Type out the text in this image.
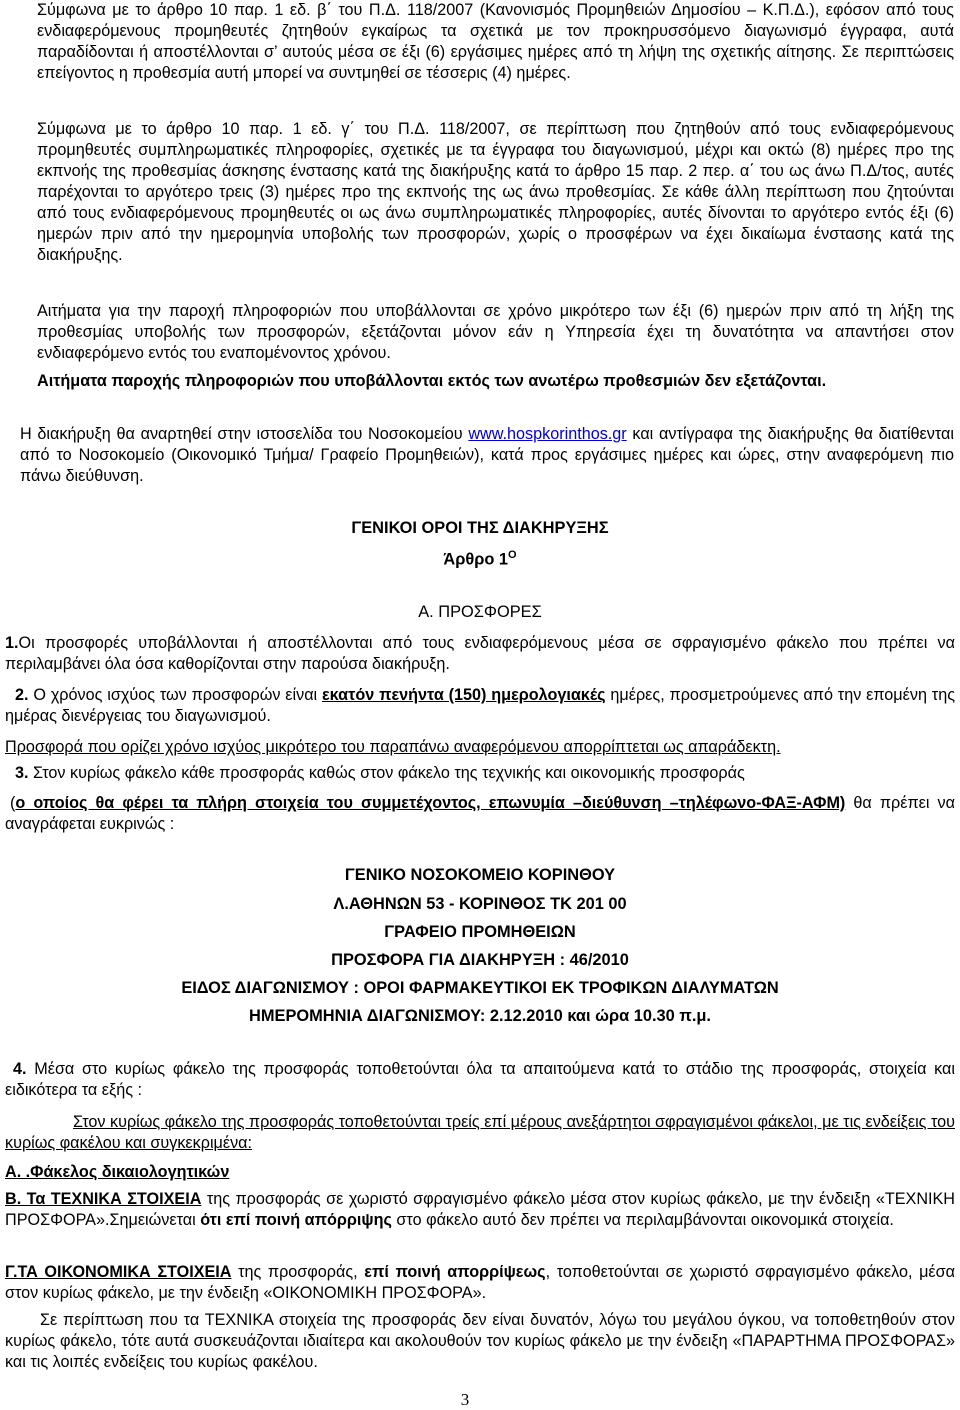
Σύμφωνα με το άρθρο 10 παρ. 1 εδ. β΄ του Π.Δ. 118/2007 (Κανονισμός Προμηθειών Δημοσίου – Κ.Π.Δ.), εφόσον από τους ενδιαφερόμενους προμηθευτές ζητηθούν εγκαίρως τα σχετικά με τον προκηρυσσόμενο διαγωνισμό έγγραφα, αυτά παραδίδονται ή αποστέλλονται σ’ αυτούς μέσα σε έξι (6) εργάσιμες ημέρες από τη λήψη της σχετικής αίτησης. Σε περιπτώσεις επείγοντος η προθεσμία αυτή μπορεί να συντμηθεί σε τέσσερις (4) ημέρες.

Σύμφωνα με το άρθρο 10 παρ. 1 εδ. γ΄ του Π.Δ. 118/2007, σε περίπτωση που ζητηθούν από τους ενδιαφερόμενους προμηθευτές συμπληρωματικές πληροφορίες, σχετικές με τα έγγραφα του διαγωνισμού, μέχρι και οκτώ (8) ημέρες προ της εκπνοής της προθεσμίας άσκησης ένστασης κατά της διακήρυξης κατά το άρθρο 15 παρ. 2 περ. α΄ του ως άνω Π.Δ/τος, αυτές παρέχονται το αργότερο τρεις (3) ημέρες προ της εκπνοής της ως άνω προθεσμίας. Σε κάθε άλλη περίπτωση που ζητούνται από τους ενδιαφερόμενους προμηθευτές οι ως άνω συμπληρωματικές πληροφορίες, αυτές δίνονται το αργότερο εντός έξι (6) ημερών πριν από την ημερομηνία υποβολής των προσφορών, χωρίς ο προσφέρων να έχει δικαίωμα ένστασης κατά της διακήρυξης.

Αιτήματα για την παροχή πληροφοριών που υποβάλλονται σε χρόνο μικρότερο των έξι (6) ημερών πριν από τη λήξη της προθεσμίας υποβολής των προσφορών, εξετάζονται μόνον εάν η Υπηρεσία έχει τη δυνατότητα να απαντήσει στον ενδιαφερόμενο εντός του εναπομένοντος χρόνου.

Αιτήματα παροχής πληροφοριών που υποβάλλονται εκτός των ανωτέρω προθεσμιών δεν εξετάζονται.

Η διακήρυξη θα αναρτηθεί στην ιστοσελίδα του Νοσοκομείου www.hospkorinthos.gr και αντίγραφα της διακήρυξης θα διατίθενται από το Νοσοκομείο (Οικονομικό Τμήμα/ Γραφείο Προμηθειών), κατά προς εργάσιμες ημέρες και ώρες, στην αναφερόμενη πιο πάνω διεύθυνση.

ΓΕΝΙΚΟΙ ΟΡΟΙ ΤΗΣ ΔΙΑΚΗΡΥΞΗΣ

Άρθρο $1^O$

Α. ΠΡΟΣΦΟΡΕΣ

1.Οι προσφορές υποβάλλονται ή αποστέλλονται από τους ενδιαφερόμενους μέσα σε σφραγισμένο φάκελο που πρέπει να περιλαμβάνει όλα όσα καθορίζονται στην παρούσα διακήρυξη.

2. Ο χρόνος ισχύος των προσφορών είναι εκατόν πενήντα (150) ημερολογιακές ημέρες, προσμετρούμενες από την επομένη της ημέρας διενέργειας του διαγωνισμού.

Προσφορά που ορίζει χρόνο ισχύος μικρότερο του παραπάνω αναφερόμενου απορρίπτεται ως απαράδεκτη.

3. Στον κυρίως φάκελο κάθε προσφοράς καθώς στον φάκελο της τεχνικής και οικονομικής προσφοράς

(ο οποίος θα φέρει τα πλήρη στοιχεία του συμμετέχοντος, επωνυμία –διεύθυνση –τηλέφωνο-ΦΑΞ-ΑΦΜ) θα πρέπει να αναγράφεται ευκρινώς :

ΓΕΝΙΚΟ ΝΟΣΟΚΟΜΕΙΟ ΚΟΡΙΝΘΟΥ

Λ.ΑΘΗΝΩΝ 53 - ΚΟΡΙΝΘΟΣ ΤΚ 201 00

ΓΡΑΦΕΙΟ ΠΡΟΜΗΘΕΙΩΝ

ΠΡΟΣΦΟΡΑ ΓΙΑ ΔΙΑΚΗΡΥΞΗ : 46/2010

ΕΙΔΟΣ ΔΙΑΓΩΝΙΣΜΟΥ : ΟΡΟΙ ΦΑΡΜΑΚΕΥΤΙΚΟΙ ΕΚ ΤΡΟΦΙΚΩΝ ΔΙΑΛΥΜΑΤΩΝ

ΗΜΕΡΟΜΗΝΙΑ ΔΙΑΓΩΝΙΣΜΟΥ: 2.12.2010 και ώρα 10.30 π.μ.

4. Μέσα στο κυρίως φάκελο της προσφοράς τοποθετούνται όλα τα απαιτούμενα κατά το στάδιο της προσφοράς, στοιχεία και ειδικότερα τα εξής :

Στον κυρίως φάκελο της προσφοράς τοποθετούνται τρείς επί μέρους ανεξάρτητοι σφραγισμένοι φάκελοι, με τις ενδείξεις του κυρίως φακέλου και συγκεκριμένα:

Α. .Φάκελος δικαιολογητικών

Β. Τα ΤΕΧΝΙΚΑ ΣΤΟΙΧΕΙΑ της προσφοράς σε χωριστό σφραγισμένο φάκελο μέσα στον κυρίως φάκελο, με την ένδειξη «ΤΕΧΝΙΚΗ ΠΡΟΣΦΟΡΑ».Σημειώνεται ότι επί ποινή απόρριψης στο φάκελο αυτό δεν πρέπει να περιλαμβάνονται οικονομικά στοιχεία.

Γ.ΤΑ ΟΙΚΟΝΟΜΙΚΑ ΣΤΟΙΧΕΙΑ της προσφοράς, επί ποινή απορρίψεως, τοποθετούνται σε χωριστό σφραγισμένο φάκελο, μέσα στον κυρίως φάκελο, με την ένδειξη «ΟΙΚΟΝΟΜΙΚΗ ΠΡΟΣΦΟΡΑ».

Σε περίπτωση που τα ΤΕΧΝΙΚΑ στοιχεία της προσφοράς δεν είναι δυνατόν, λόγω του μεγάλου όγκου, να τοποθετηθούν στον κυρίως φάκελο, τότε αυτά συσκευάζονται ιδιαίτερα και ακολουθούν τον κυρίως φάκελο με την ένδειξη «ΠΑΡΑΡΤΗΜΑ ΠΡΟΣΦΟΡΑΣ» και τις λοιπές ενδείξεις του κυρίως φακέλου.

3
